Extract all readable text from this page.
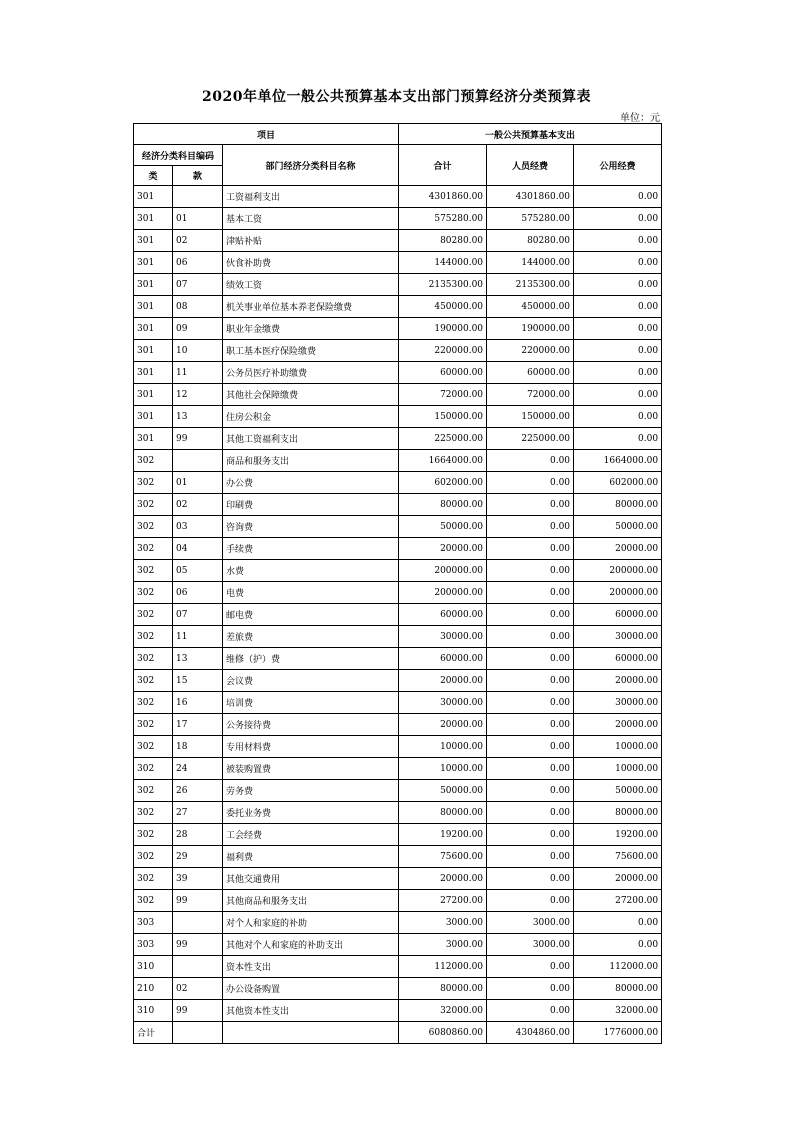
2020年单位一般公共预算基本支出部门预算经济分类预算表
单位：元
项目			一般公共预算基本支出		
经济分类科目编码		部门经济分类科目名称	合计	人员经费	公用经费
类	款				
301		工资福利支出	4301860.00	4301860.00	0.00
301	01	基本工资	575280.00	575280.00	0.00
301	02	津贴补贴	80280.00	80280.00	0.00
301	06	伙食补助费	144000.00	144000.00	0.00
301	07	绩效工资	2135300.00	2135300.00	0.00
301	08	机关事业单位基本养老保险缴费	450000.00	450000.00	0.00
301	09	职业年金缴费	190000.00	190000.00	0.00
301	10	职工基本医疗保险缴费	220000.00	220000.00	0.00
301	11	公务员医疗补助缴费	60000.00	60000.00	0.00
301	12	其他社会保障缴费	72000.00	72000.00	0.00
301	13	住房公积金	150000.00	150000.00	0.00
301	99	其他工资福利支出	225000.00	225000.00	0.00
302		商品和服务支出	1664000.00	0.00	1664000.00
302	01	办公费	602000.00	0.00	602000.00
302	02	印刷费	80000.00	0.00	80000.00
302	03	咨询费	50000.00	0.00	50000.00
302	04	手续费	20000.00	0.00	20000.00
302	05	水费	200000.00	0.00	200000.00
302	06	电费	200000.00	0.00	200000.00
302	07	邮电费	60000.00	0.00	60000.00
302	11	差旅费	30000.00	0.00	30000.00
302	13	维修（护）费	60000.00	0.00	60000.00
302	15	会议费	20000.00	0.00	20000.00
302	16	培训费	30000.00	0.00	30000.00
302	17	公务接待费	20000.00	0.00	20000.00
302	18	专用材料费	10000.00	0.00	10000.00
302	24	被装购置费	10000.00	0.00	10000.00
302	26	劳务费	50000.00	0.00	50000.00
302	27	委托业务费	80000.00	0.00	80000.00
302	28	工会经费	19200.00	0.00	19200.00
302	29	福利费	75600.00	0.00	75600.00
302	39	其他交通费用	20000.00	0.00	20000.00
302	99	其他商品和服务支出	27200.00	0.00	27200.00
303		对个人和家庭的补助	3000.00	3000.00	0.00
303	99	其他对个人和家庭的补助支出	3000.00	3000.00	0.00
310		资本性支出	112000.00	0.00	112000.00
210	02	办公设备购置	80000.00	0.00	80000.00
310	99	其他资本性支出	32000.00	0.00	32000.00
合计			6080860.00	4304860.00	1776000.00
